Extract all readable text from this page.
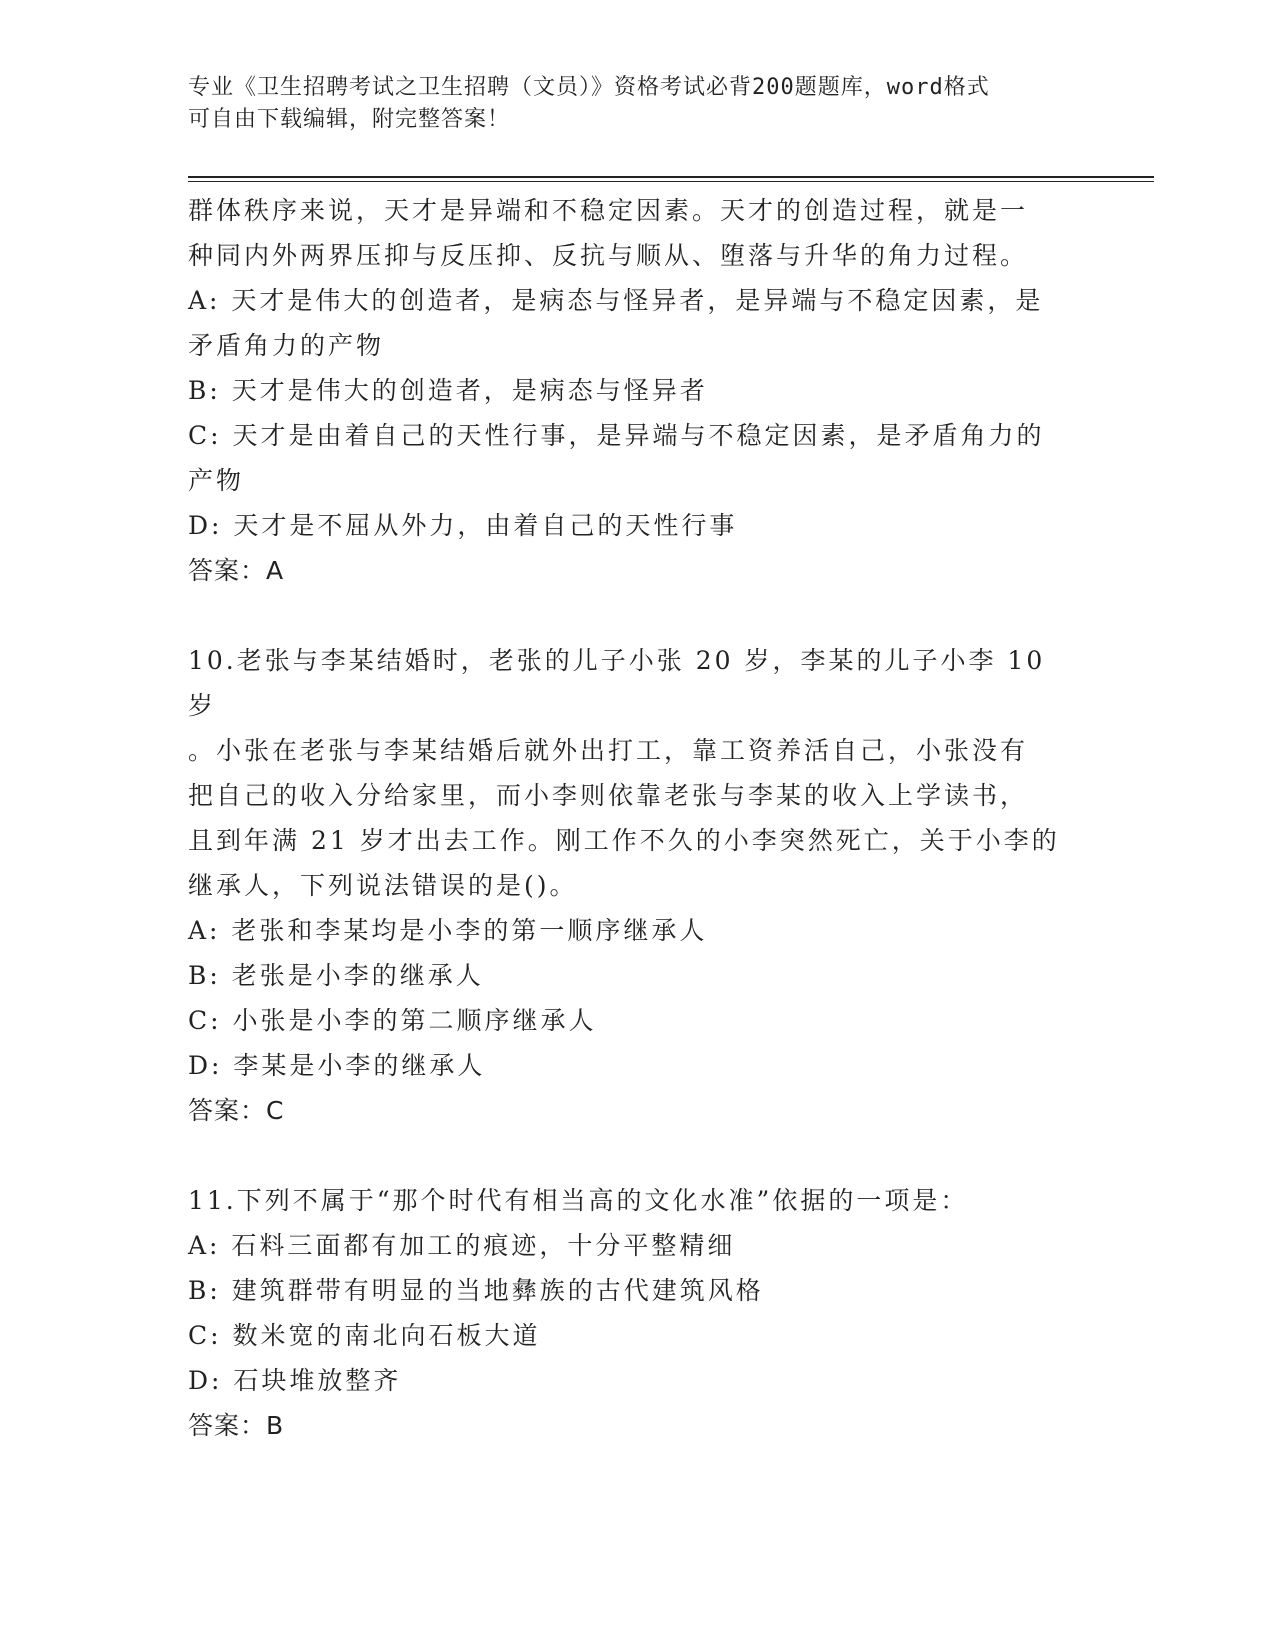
专业《卫生招聘考试之卫生招聘（文员）》资格考试必背200题题库，word格式
可自由下载编辑，附完整答案！

群体秩序来说，天才是异端和不稳定因素。天才的创造过程，就是一

种同内外两界压抑与反压抑、反抗与顺从、堕落与升华的角力过程。

A: 天才是伟大的创造者，是病态与怪异者，是异端与不稳定因素，是

矛盾角力的产物

B: 天才是伟大的创造者，是病态与怪异者

C: 天才是由着自己的天性行事，是异端与不稳定因素，是矛盾角力的

产物

D: 天才是不屈从外力，由着自己的天性行事

答案：A

10.老张与李某结婚时，老张的儿子小张 20 岁，李某的儿子小李 10 岁

。小张在老张与李某结婚后就外出打工，靠工资养活自己，小张没有

把自己的收入分给家里，而小李则依靠老张与李某的收入上学读书，

且到年满 21 岁才出去工作。刚工作不久的小李突然死亡，关于小李的

继承人，下列说法错误的是()。

A: 老张和李某均是小李的第一顺序继承人

B: 老张是小李的继承人

C: 小张是小李的第二顺序继承人

D: 李某是小李的继承人

答案：C

11.下列不属于“那个时代有相当高的文化水准”依据的一项是：

A: 石料三面都有加工的痕迹，十分平整精细

B: 建筑群带有明显的当地彝族的古代建筑风格

C: 数米宽的南北向石板大道

D: 石块堆放整齐

答案：B
